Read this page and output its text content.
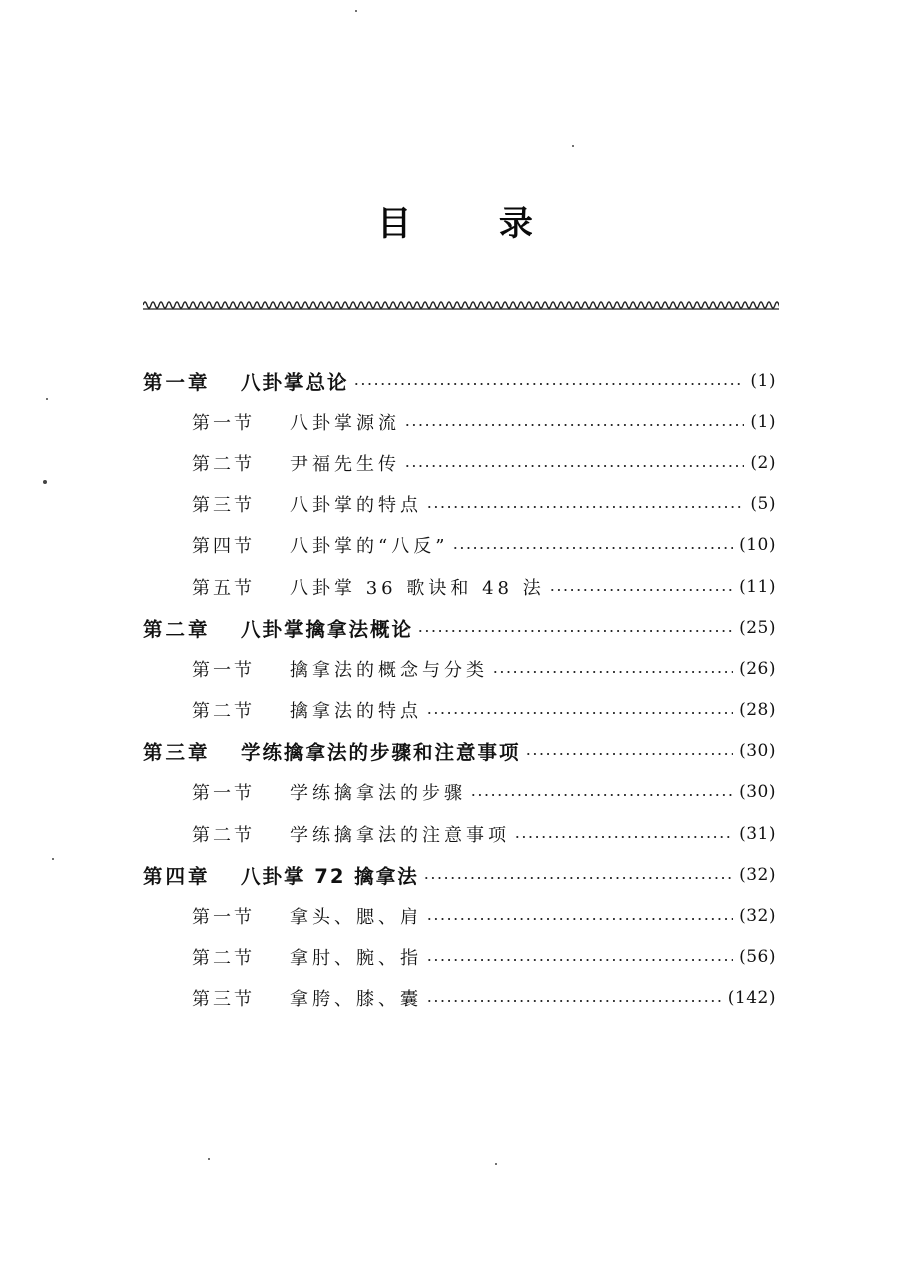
目 录
第一章	八卦掌总论	(1)
第一节	八卦掌源流	(1)
第二节	尹福先生传	(2)
第三节	八卦掌的特点	(5)
第四节	八卦掌的“八反”	(10)
第五节	八卦掌 36 歌诀和 48 法	(11)
第二章	八卦掌擒拿法概论	(25)
第一节	擒拿法的概念与分类	(26)
第二节	擒拿法的特点	(28)
第三章	学练擒拿法的步骤和注意事项	(30)
第一节	学练擒拿法的步骤	(30)
第二节	学练擒拿法的注意事项	(31)
第四章	八卦掌 72 擒拿法	(32)
第一节	拿头、腮、肩	(32)
第二节	拿肘、腕、指	(56)
第三节	拿胯、膝、囊	(142)
